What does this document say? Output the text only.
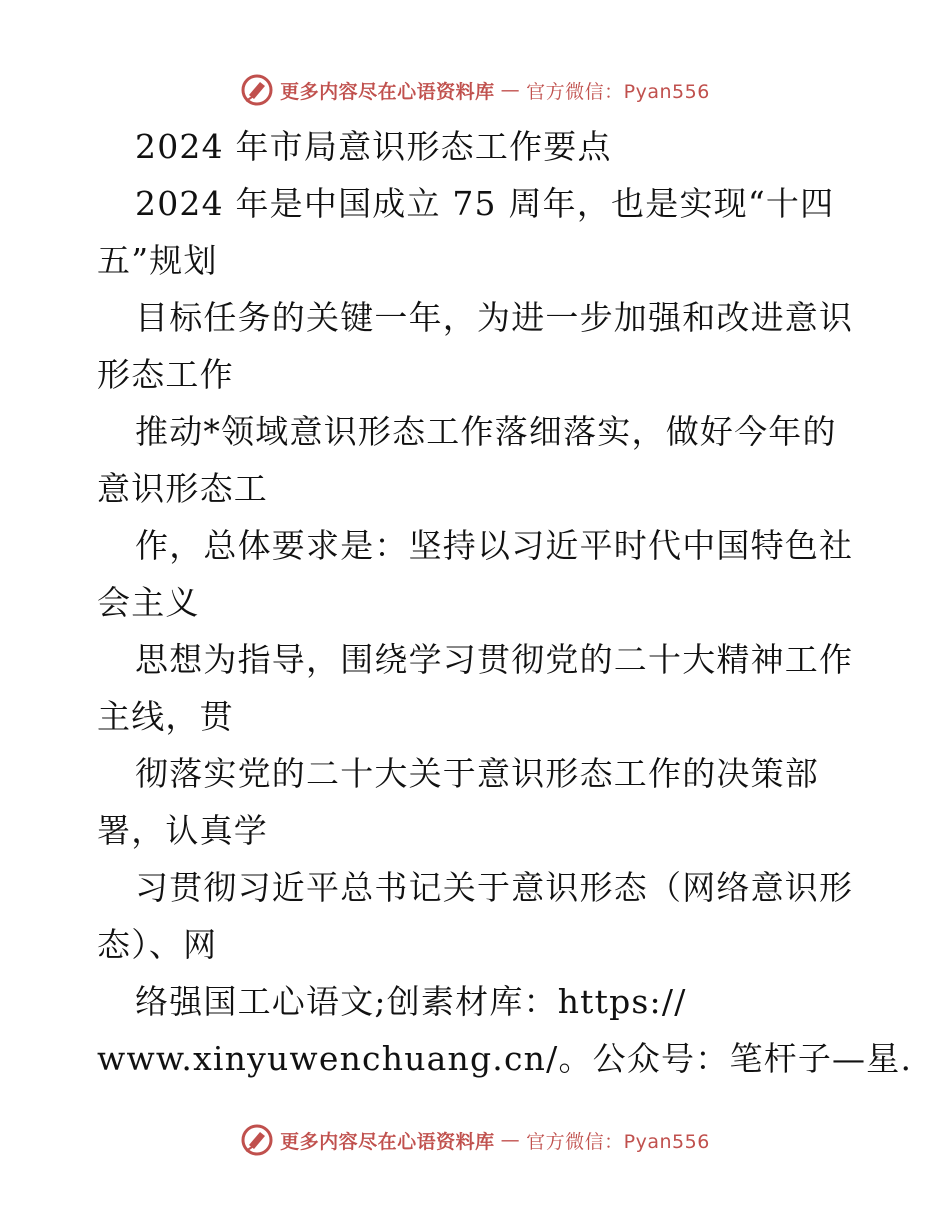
更多内容尽在心语资料库 — 官方微信：Pyan556
2024 年市局意识形态工作要点
2024 年是中国成立 75 周年，也是实现“十四
五”规划
目标任务的关键一年，为进一步加强和改进意识
形态工作
推动*领域意识形态工作落细落实，做好今年的
意识形态工
作，总体要求是：坚持以习近平时代中国特色社
会主义
思想为指导，围绕学习贯彻党的二十大精神工作
主线，贯
彻落实党的二十大关于意识形态工作的决策部
署，认真学
习贯彻习近平总书记关于意识形态（网络意识形
态）、网
络强国工心语文;创素材库：https://
www.xinyuwenchuang.cn/。公众号：笔杆子—星.
更多内容尽在心语资料库 — 官方微信：Pyan556
